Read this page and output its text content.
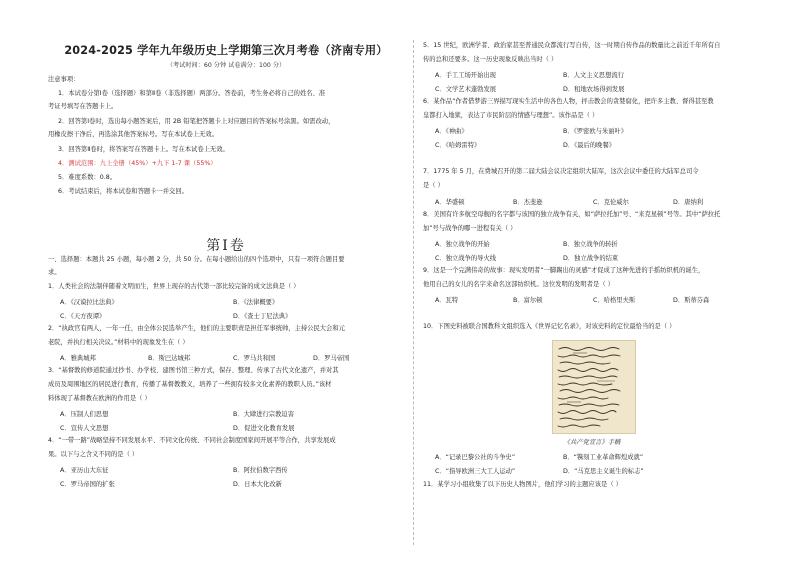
2024-2025 学年九年级历史上学期第三次月考卷（济南专用）
（考试时间：60 分钟 试卷满分：100 分）
注意事项：
1．本试卷分第Ⅰ卷（选择题）和第Ⅱ卷（非选择题）两部分。答卷前，考生务必将自己的姓名、准
考证号填写在答题卡上。
2．回答第Ⅰ卷时，选出每小题答案后，用 2B 铅笔把答题卡上对应题目的答案标号涂黑。如需改动，
用橡皮擦干净后，再选涂其他答案标号。写在本试卷上无效。
3．回答第Ⅱ卷时，将答案写在答题卡上。写在本试卷上无效。
4．测试范围：九上全册（45%）+九下 1-7 课（55%）
5．难度系数：0.8。
6．考试结束后，将本试卷和答题卡一并交回。
第Ⅰ卷
一、选择题：本题共 25 小题，每小题 2 分，共 50 分。在每小题给出的四个选项中，只有一项符合题目要
求。
1．人类社会的法制伴随着文明而生，世界上现存的古代第一部比较完备的成文法典是（ ）
A．《汉谟拉比法典》	B．《法律概要》
C．《天方夜谭》	D．《查士丁尼法典》
2．“执政官有两人，一年一任，由全体公民选举产生，他们的主要职责是担任军事统帅，主持公民大会和元
老院，并执行相关决议。”材料中的现象发生在（ ）
A．雅典城邦	B．斯巴达城邦	C．罗马共和国	D．罗马帝国
3．“基督教的修道院通过抄书、办学校、建图书馆三种方式，保存、整理、传承了古代文化遗产，并对其
成员及周围地区的居民进行教育，传播了基督教教义，培养了一些拥有较多文化素养的教职人员。”该材
料体现了基督教在欧洲的作用是（ ）
A．压制人们思想	B．大肆进行宗教迫害
C．宣传人文思想	D．促进文化教育发展
4．“一带一路”战略坚持不同发展水平、不同文化传统、不同社会制度国家间开展平等合作，共享发展成
果。以下与之含义不同的是（ ）
A．亚历山大东征	B．阿拉伯数字西传
C．罗马帝国的扩张	D．日本大化改新
5．15 世纪，欧洲学者、政治家甚至普通民众都流行写自传，这一时期自传作品的数量比之前近千年所有自
传的总和还要多。这一历史现象反映出当时（ ）
A．手工工场开始出现	B．人文主义思想流行
C．文学艺术蓬勃发展	D．租地农场得到发展
6．某作品“作者借梦游三界描写现实生活中的各色人物，抨击教会的贪婪腐化，把许多主教、督得甚至教
皇都打入地狱，表达了市民阶层的情感与理想”。该作品是（ ）
A．《神曲》	B．《罗密欧与朱丽叶》
C．《哈姆雷特》	D．《最后的晚餐》
7．1775 年 5 月，在费城召开的第二届大陆会议决定组织大陆军，这次会议中委任的大陆军总司令
是（ ）
A．华盛顿	B．杰斐逊	C．克伦威尔	D．唐纳利
8．美国有许多航空母舰的名字都与该国的独立战争有关，如“萨拉托加”号、“来克星顿”号等。其中“萨拉托
加”号与战争的哪一进程有关（ ）
A．独立战争的开始	B．独立战争的转折
C．独立战争的导火线	D．独立战争的结束
9．这是一个完满伟奇的故事：现实发明者“一脚踢出的灵感”才促成了这种先进的手摇纺织机的诞生，
他用自己的女儿的名字来命名这部纺织机。这位发明的发明者是（ ）
A．瓦特	B．富尔顿	C．哈格里夫斯	D．斯蒂芬森
10．下图史料被联合国教科文组织选入《世界记忆名录》，对该史料的定位最恰当的是（ ）
《共产党宣言》手稿
A．“记录巴黎公社的斗争史”	B．“镌刻工业革命辉煌成就”
C．“指导欧洲三大工人运动”	D．“马克思主义诞生的标志”
11．某学习小组收集了以下历史人物图片，他们学习的主题应该是（ ）
